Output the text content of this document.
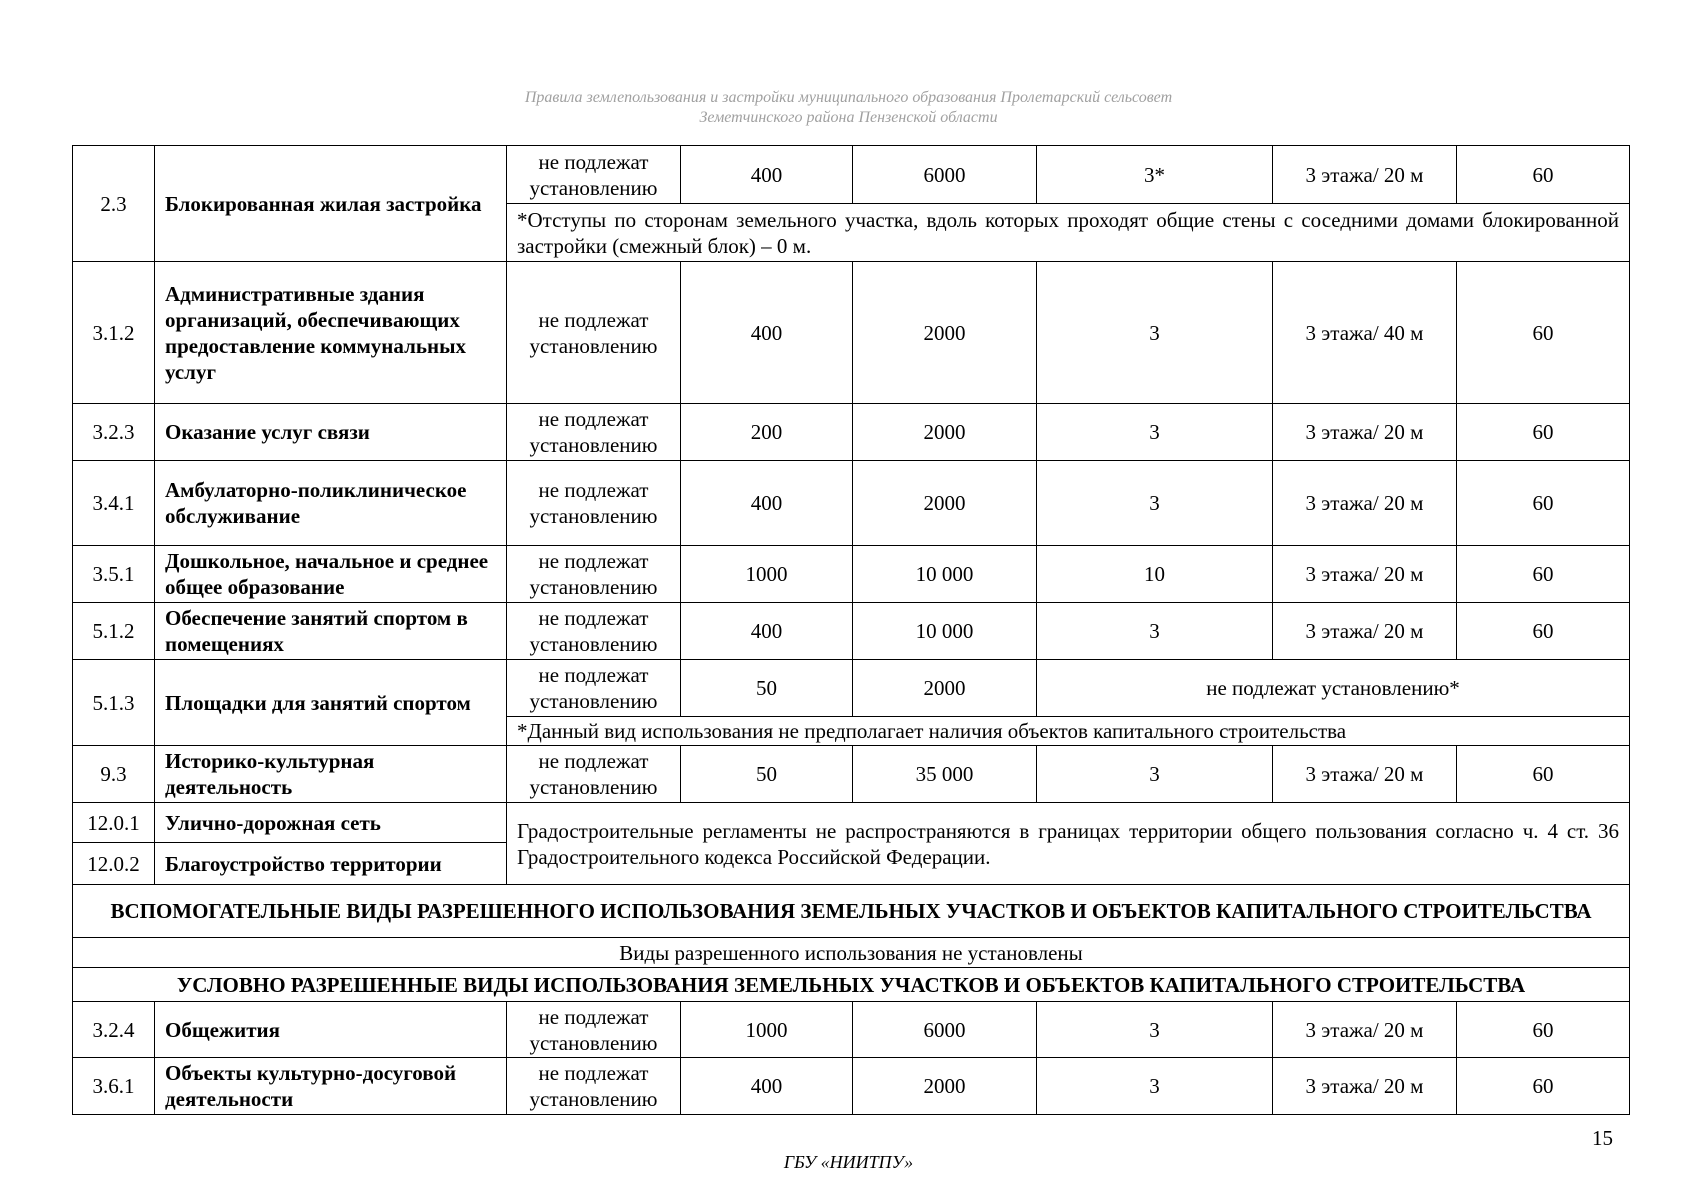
Правила землепользования и застройки муниципального образования Пролетарский сельсовет
Земетчинского района Пензенской области
2.3	Блокированная жилая застройка	не подлежат установлению	400	6000	3*	3 этажа/ 20 м	60
		*Отступы по сторонам земельного участка, вдоль которых проходят общие стены с соседними домами блокированной застройки (смежный блок) – 0 м.					
3.1.2	Административные здания организаций, обеспечивающих предоставление коммунальных услуг	не подлежат установлению	400	2000	3	3 этажа/ 40 м	60
3.2.3	Оказание услуг связи	не подлежат установлению	200	2000	3	3 этажа/ 20 м	60
3.4.1	Амбулаторно-поликлиническое обслуживание	не подлежат установлению	400	2000	3	3 этажа/ 20 м	60
3.5.1	Дошкольное, начальное и среднее общее образование	не подлежат установлению	1000	10 000	10	3 этажа/ 20 м	60
5.1.2	Обеспечение занятий спортом в помещениях	не подлежат установлению	400	10 000	3	3 этажа/ 20 м	60
5.1.3	Площадки для занятий спортом	не подлежат установлению	50	2000	не подлежат установлению*		
		*Данный вид использования не предполагает наличия объектов капитального строительства					
9.3	Историко-культурная деятельность	не подлежат установлению	50	35 000	3	3 этажа/ 20 м	60
12.0.1	Улично-дорожная сеть	Градостроительные регламенты не распространяются в границах территории общего пользования согласно ч. 4 ст. 36 Градостроительного кодекса Российской Федерации.					
12.0.2	Благоустройство территории						
ВСПОМОГАТЕЛЬНЫЕ ВИДЫ РАЗРЕШЕННОГО ИСПОЛЬЗОВАНИЯ ЗЕМЕЛЬНЫХ УЧАСТКОВ И ОБЪЕКТОВ КАПИТАЛЬНОГО СТРОИТЕЛЬСТВА							
Виды разрешенного использования не установлены							
УСЛОВНО РАЗРЕШЕННЫЕ ВИДЫ ИСПОЛЬЗОВАНИЯ ЗЕМЕЛЬНЫХ УЧАСТКОВ И ОБЪЕКТОВ КАПИТАЛЬНОГО СТРОИТЕЛЬСТВА							
3.2.4	Общежития	не подлежат установлению	1000	6000	3	3 этажа/ 20 м	60
3.6.1	Объекты культурно-досуговой деятельности	не подлежат установлению	400	2000	3	3 этажа/ 20 м	60
15
ГБУ «НИИТПУ»
